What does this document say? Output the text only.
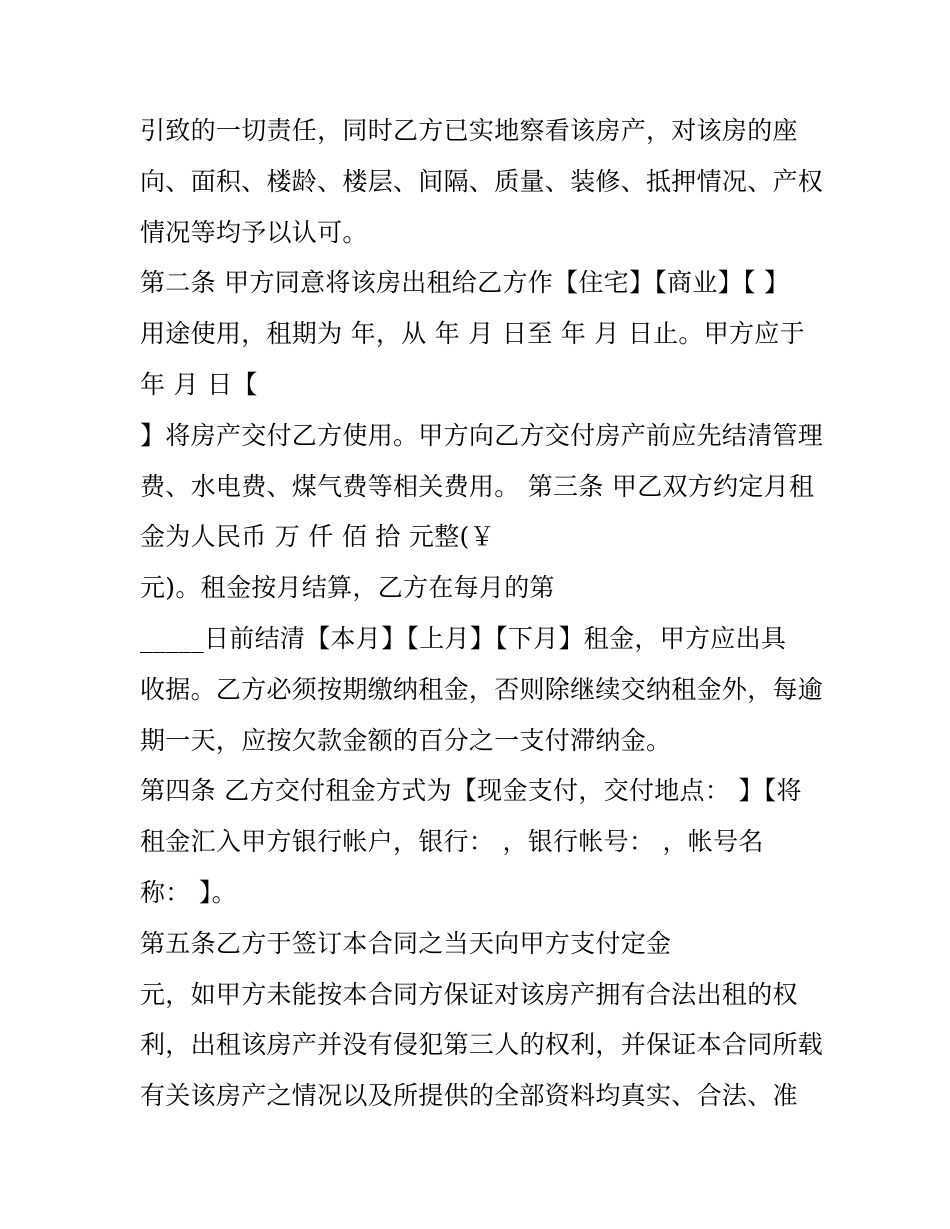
引致的一切责任，同时乙方已实地察看该房产，对该房的座
向、面积、楼龄、楼层、间隔、质量、装修、抵押情况、产权
情况等均予以认可。
第二条 甲方同意将该房出租给乙方作【住宅】【商业】【 】
用途使用，租期为 年，从 年 月 日至 年 月 日止。甲方应于
年 月 日【
】将房产交付乙方使用。甲方向乙方交付房产前应先结清管理
费、水电费、煤气费等相关费用。 第三条 甲乙双方约定月租
金为人民币 万 仟 佰 拾 元整(￥
元)。租金按月结算，乙方在每月的第
_____日前结清【本月】【上月】【下月】租金，甲方应出具
收据。乙方必须按期缴纳租金，否则除继续交纳租金外，每逾
期一天，应按欠款金额的百分之一支付滞纳金。
第四条 乙方交付租金方式为【现金支付，交付地点： 】【将
租金汇入甲方银行帐户，银行： ，银行帐号： ，帐号名
称： 】。
第五条乙方于签订本合同之当天向甲方支付定金
元，如甲方未能按本合同方保证对该房产拥有合法出租的权
利，出租该房产并没有侵犯第三人的权利，并保证本合同所载
有关该房产之情况以及所提供的全部资料均真实、合法、准
